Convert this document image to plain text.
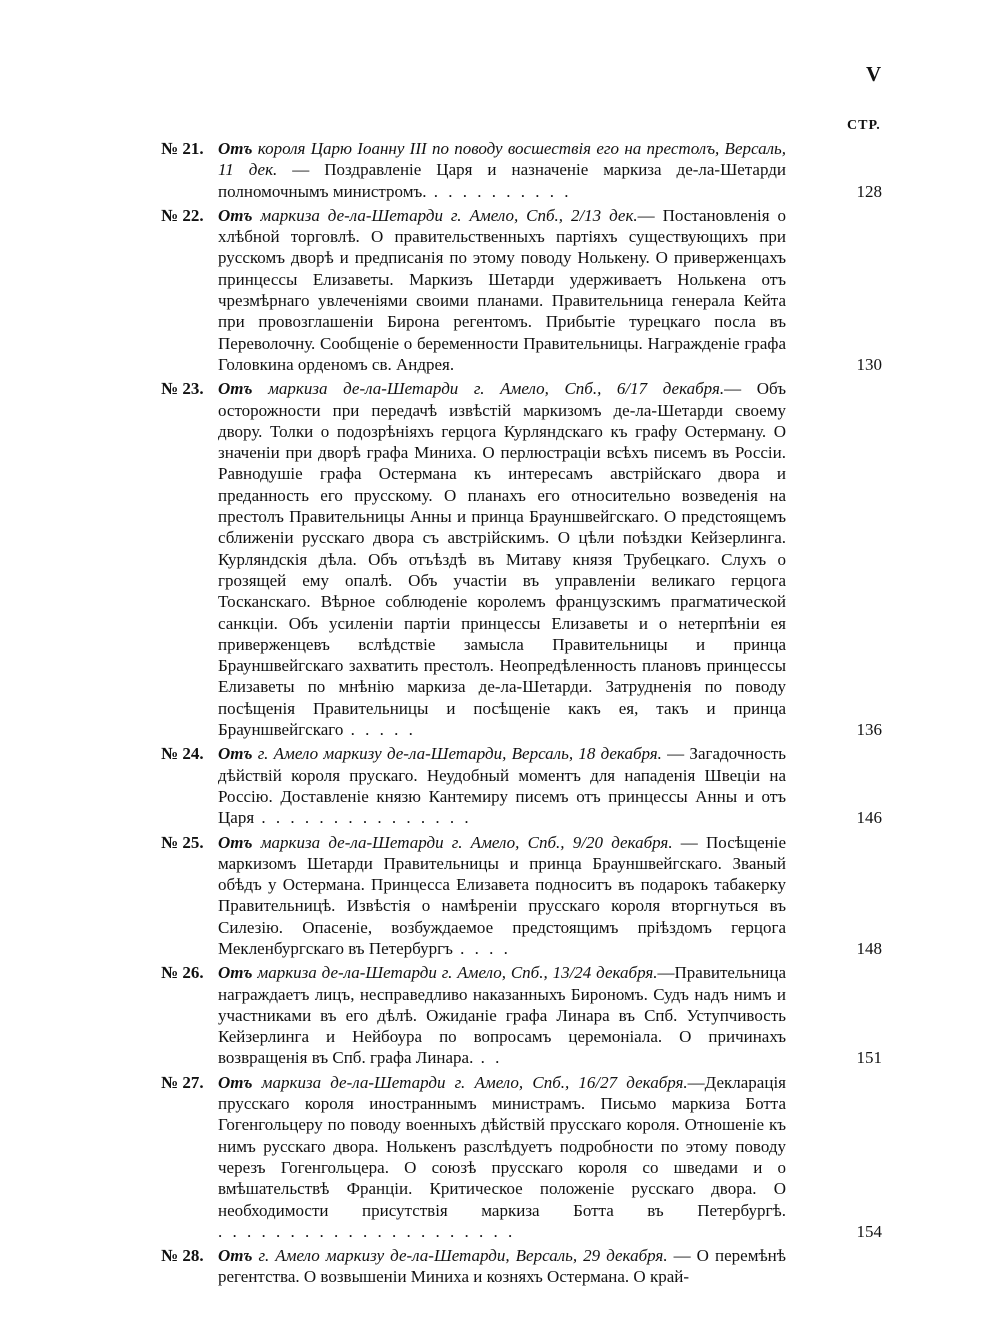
V
СТР.
№ 21. Отъ короля Царю Іоанну III по поводу восшествія его на престолъ, Версаль, 11 дек. — Поздравленіе Царя и назначеніе маркиза де-ла-Шетарди полномочнымъ министромъ. . . . . . . . . . .	128
№ 22. Отъ маркиза де-ла-Шетарди г. Амело, Спб., 2/13 дек.— Постановленія о хлѣбной торговлѣ. О правительственныхъ партіяхъ существующихъ при русскомъ дворѣ и предписанія по этому поводу Нолькену. О приверженцахъ принцессы Елизаветы. Маркизъ Шетарди удерживаетъ Нолькена отъ чрезмѣрнаго увлеченіями своими планами. Правительница генерала Кейта при провозглашеніи Бирона регентомъ. Прибытіе турецкаго посла въ Переволочну. Сообщеніе о беременности Правительницы. Награжденіе графа Головкина орденомъ св. Андрея.	130
№ 23. Отъ маркиза де-ла-Шетарди г. Амело, Спб., 6/17 декабря.— Объ осторожности при передачѣ извѣстій маркизомъ де-ла-Шетарди своему двору. Толки о подозрѣніяхъ герцога Курляндскаго къ графу Остерману. О значеніи при дворѣ графа Миниха. О перлюстраціи всѣхъ писемъ въ Россіи. Равнодушіе графа Остермана къ интересамъ австрійскаго двора и преданность его прусскому. О планахъ его относительно возведенія на престолъ Правительницы Анны и принца Брауншвейгскаго. О предстоящемъ сближеніи русскаго двора съ австрійскимъ. О цѣли поѣздки Кейзерлинга. Курляндскія дѣла. Объ отъѣздѣ въ Митаву князя Трубецкаго. Слухъ о грозящей ему опалѣ. Объ участіи въ управленіи великаго герцога Тосканскаго. Вѣрное соблюденіе королемъ французскимъ прагматической санкціи. Объ усиленіи партіи принцессы Елизаветы и о нетерпѣніи ея приверженцевъ вслѣдствіе замысла Правительницы и принца Брауншвейгскаго захватить престолъ. Неопредѣленность плановъ принцессы Елизаветы по мнѣнію маркиза де-ла-Шетарди. Затрудненія по поводу посѣщенія Правительницы и посѣщеніе какъ ея, такъ и принца Брауншвейгскаго . . . . .	136
№ 24. Отъ г. Амело маркизу де-ла-Шетарди, Версаль, 18 декабря. — Загадочность дѣйствій короля прускаго. Неудобный моментъ для нападенія Швеціи на Россію. Доставленіе князю Кантемиру писемъ отъ принцессы Анны и отъ Царя . . . . . . . . . . . . . . .	146
№ 25. Отъ маркиза де-ла-Шетарди г. Амело, Спб., 9/20 декабря. — Посѣщеніе маркизомъ Шетарди Правительницы и принца Брауншвейгскаго. Званый обѣдъ у Остермана. Принцесса Елизавета подноситъ въ подарокъ табакерку Правительницѣ. Извѣстія о намѣреніи прусскаго короля вторгнуться въ Силезію. Опасеніе, возбуждаемое предстоящимъ пріѣздомъ герцога Мекленбургскаго въ Петербургъ . . . .	148
№ 26. Отъ маркиза де-ла-Шетарди г. Амело, Спб., 13/24 декабря.—Правительница награждаетъ лицъ, несправедливо наказанныхъ Бирономъ. Судъ надъ нимъ и участниками въ его дѣлѣ. Ожиданіе графа Линара въ Спб. Уступчивость Кейзерлинга и Нейбоура по вопросамъ церемоніала. О причинахъ возвращенія въ Спб. графа Линара. . .	151
№ 27. Отъ маркиза де-ла-Шетарди г. Амело, Спб., 16/27 декабря.—Декларація прусскаго короля иностраннымъ министрамъ. Письмо маркиза Ботта Гогенгольцеру по поводу военныхъ дѣйствій прусскаго короля. Отношеніе къ нимъ русскаго двора. Нолькенъ разслѣдуетъ подробности по этому поводу черезъ Гогенгольцера. О союзѣ прусскаго короля со шведами и о вмѣшательствѣ Франціи. Критическое положеніе русскаго двора. О необходимости присутствія маркиза Ботта въ Петербургѣ. . . . . . . . . . . . . . . . . . . . . .	154
№ 28. Отъ г. Амело маркизу де-ла-Шетарди, Версаль, 29 декабря. — О перемѣнѣ регентства. О возвышеніи Миниха и козняхъ Остермана. О край-
